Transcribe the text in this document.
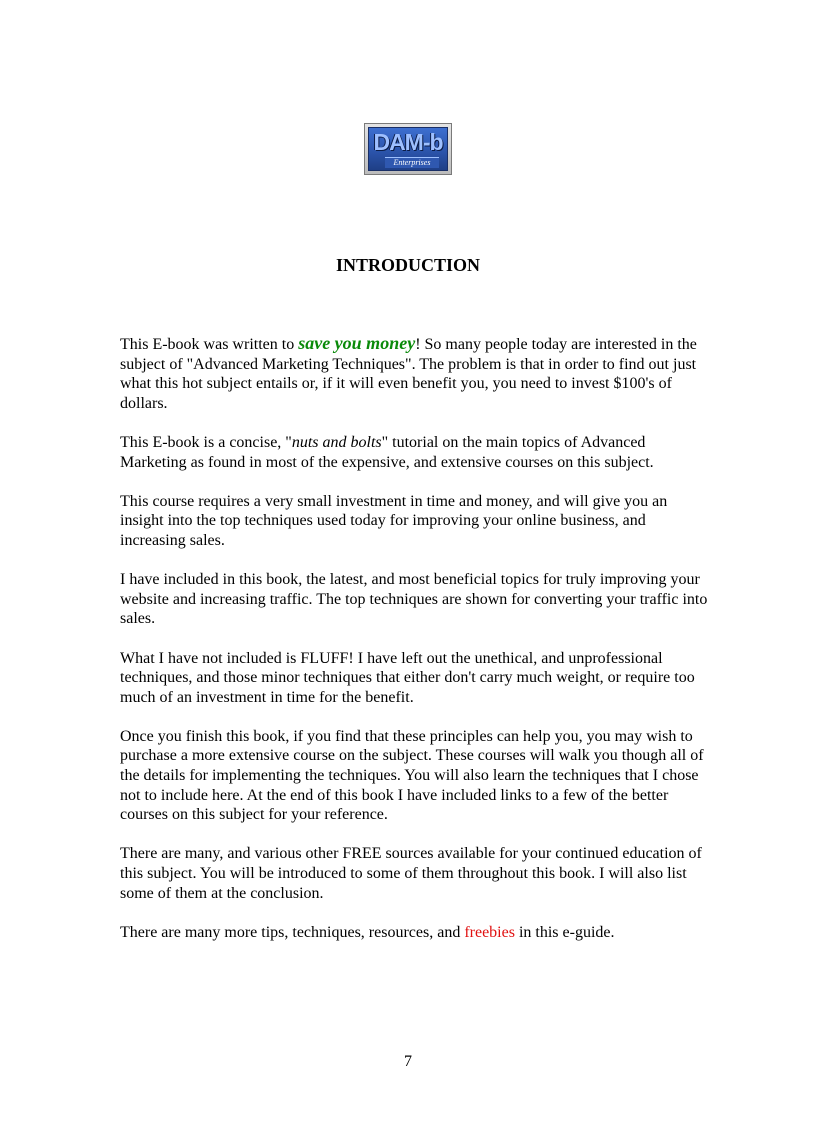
DAM-b
Enterprises
INTRODUCTION

This E-book was written to save you money! So many people today are interested in the subject of "Advanced Marketing Techniques". The problem is that in order to find out just what this hot subject entails or, if it will even benefit you, you need to invest $100's of dollars.

This E-book is a concise, "nuts and bolts" tutorial on the main topics of Advanced Marketing as found in most of the expensive, and extensive courses on this subject.

This course requires a very small investment in time and money, and will give you an insight into the top techniques used today for improving your online business, and increasing sales.

I have included in this book, the latest, and most beneficial topics for truly improving your website and increasing traffic. The top techniques are shown for converting your traffic into sales.

What I have not included is FLUFF! I have left out the unethical, and unprofessional techniques, and those minor techniques that either don't carry much weight, or require too much of an investment in time for the benefit.

Once you finish this book, if you find that these principles can help you, you may wish to purchase a more extensive course on the subject. These courses will walk you though all of the details for implementing the techniques. You will also learn the techniques that I chose not to include here. At the end of this book I have included links to a few of the better courses on this subject for your reference.

There are many, and various other FREE sources available for your continued education of this subject. You will be introduced to some of them throughout this book. I will also list some of them at the conclusion.

There are many more tips, techniques, resources, and freebies in this e-guide.

7
